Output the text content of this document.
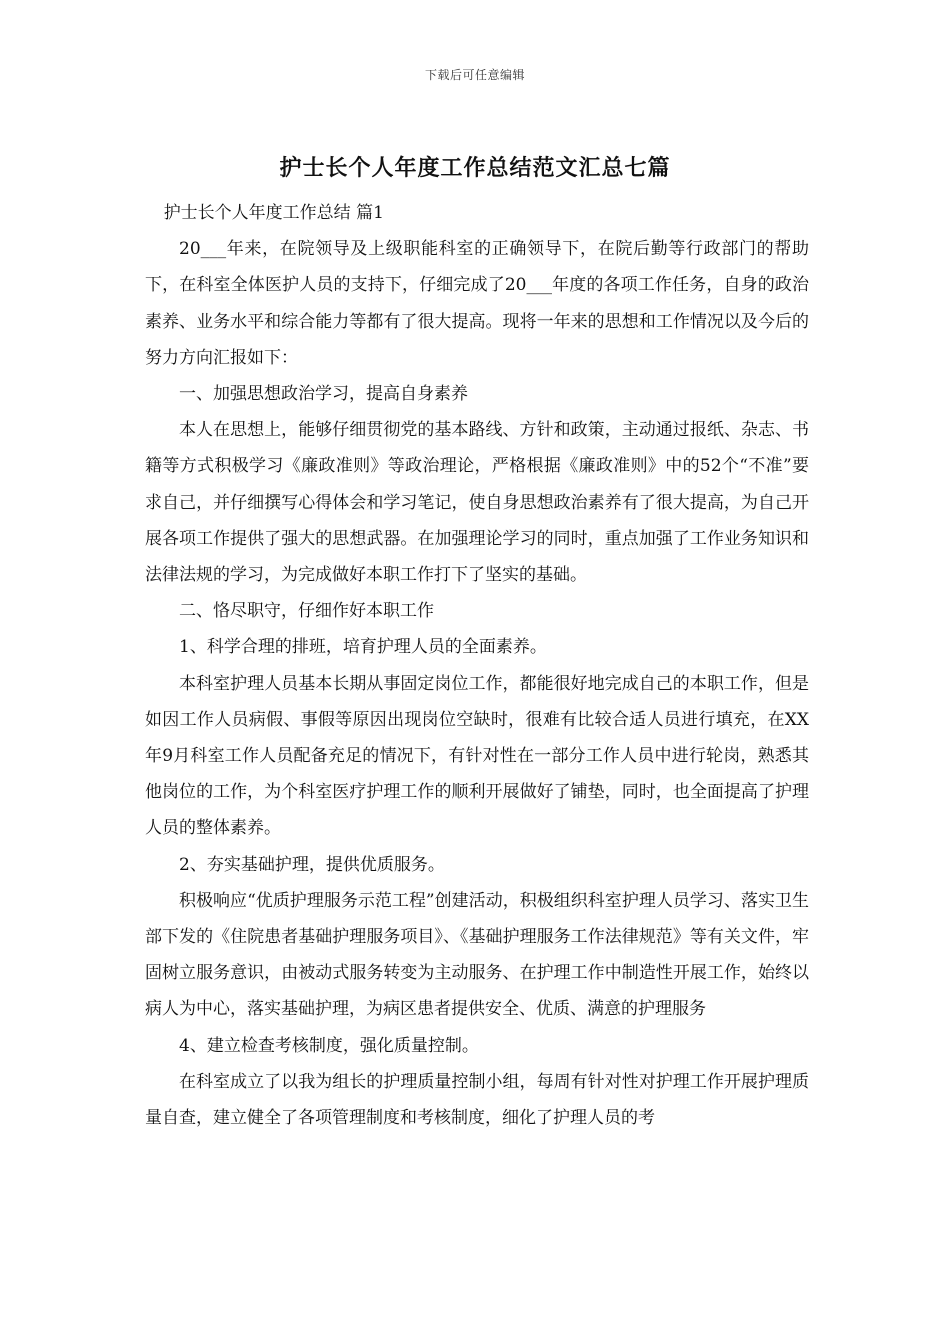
下载后可任意编辑
护士长个人年度工作总结范文汇总七篇

护士长个人年度工作总结 篇1

20___年来，在院领导及上级职能科室的正确领导下，在院后勤等行政部门的帮助下，在科室全体医护人员的支持下，仔细完成了20___年度的各项工作任务，自身的政治素养、业务水平和综合能力等都有了很大提高。现将一年来的思想和工作情况以及今后的努力方向汇报如下：

一、加强思想政治学习，提高自身素养

本人在思想上，能够仔细贯彻党的基本路线、方针和政策，主动通过报纸、杂志、书籍等方式积极学习《廉政准则》等政治理论，严格根据《廉政准则》中的52个“不准”要求自己，并仔细撰写心得体会和学习笔记，使自身思想政治素养有了很大提高，为自己开展各项工作提供了强大的思想武器。在加强理论学习的同时，重点加强了工作业务知识和法律法规的学习，为完成做好本职工作打下了坚实的基础。

二、恪尽职守，仔细作好本职工作

1、科学合理的排班，培育护理人员的全面素养。

本科室护理人员基本长期从事固定岗位工作，都能很好地完成自己的本职工作，但是如因工作人员病假、事假等原因出现岗位空缺时，很难有比较合适人员进行填充，在XX年9月科室工作人员配备充足的情况下，有针对性在一部分工作人员中进行轮岗，熟悉其他岗位的工作，为个科室医疗护理工作的顺利开展做好了铺垫，同时，也全面提高了护理人员的整体素养。

2、夯实基础护理，提供优质服务。

积极响应“优质护理服务示范工程”创建活动，积极组织科室护理人员学习、落实卫生部下发的《住院患者基础护理服务项目》、《基础护理服务工作法律规范》等有关文件，牢固树立服务意识，由被动式服务转变为主动服务、在护理工作中制造性开展工作，始终以病人为中心，落实基础护理，为病区患者提供安全、优质、满意的护理服务

4、建立检查考核制度，强化质量控制。

在科室成立了以我为组长的护理质量控制小组，每周有针对性对护理工作开展护理质量自查，建立健全了各项管理制度和考核制度，细化了护理人员的考
